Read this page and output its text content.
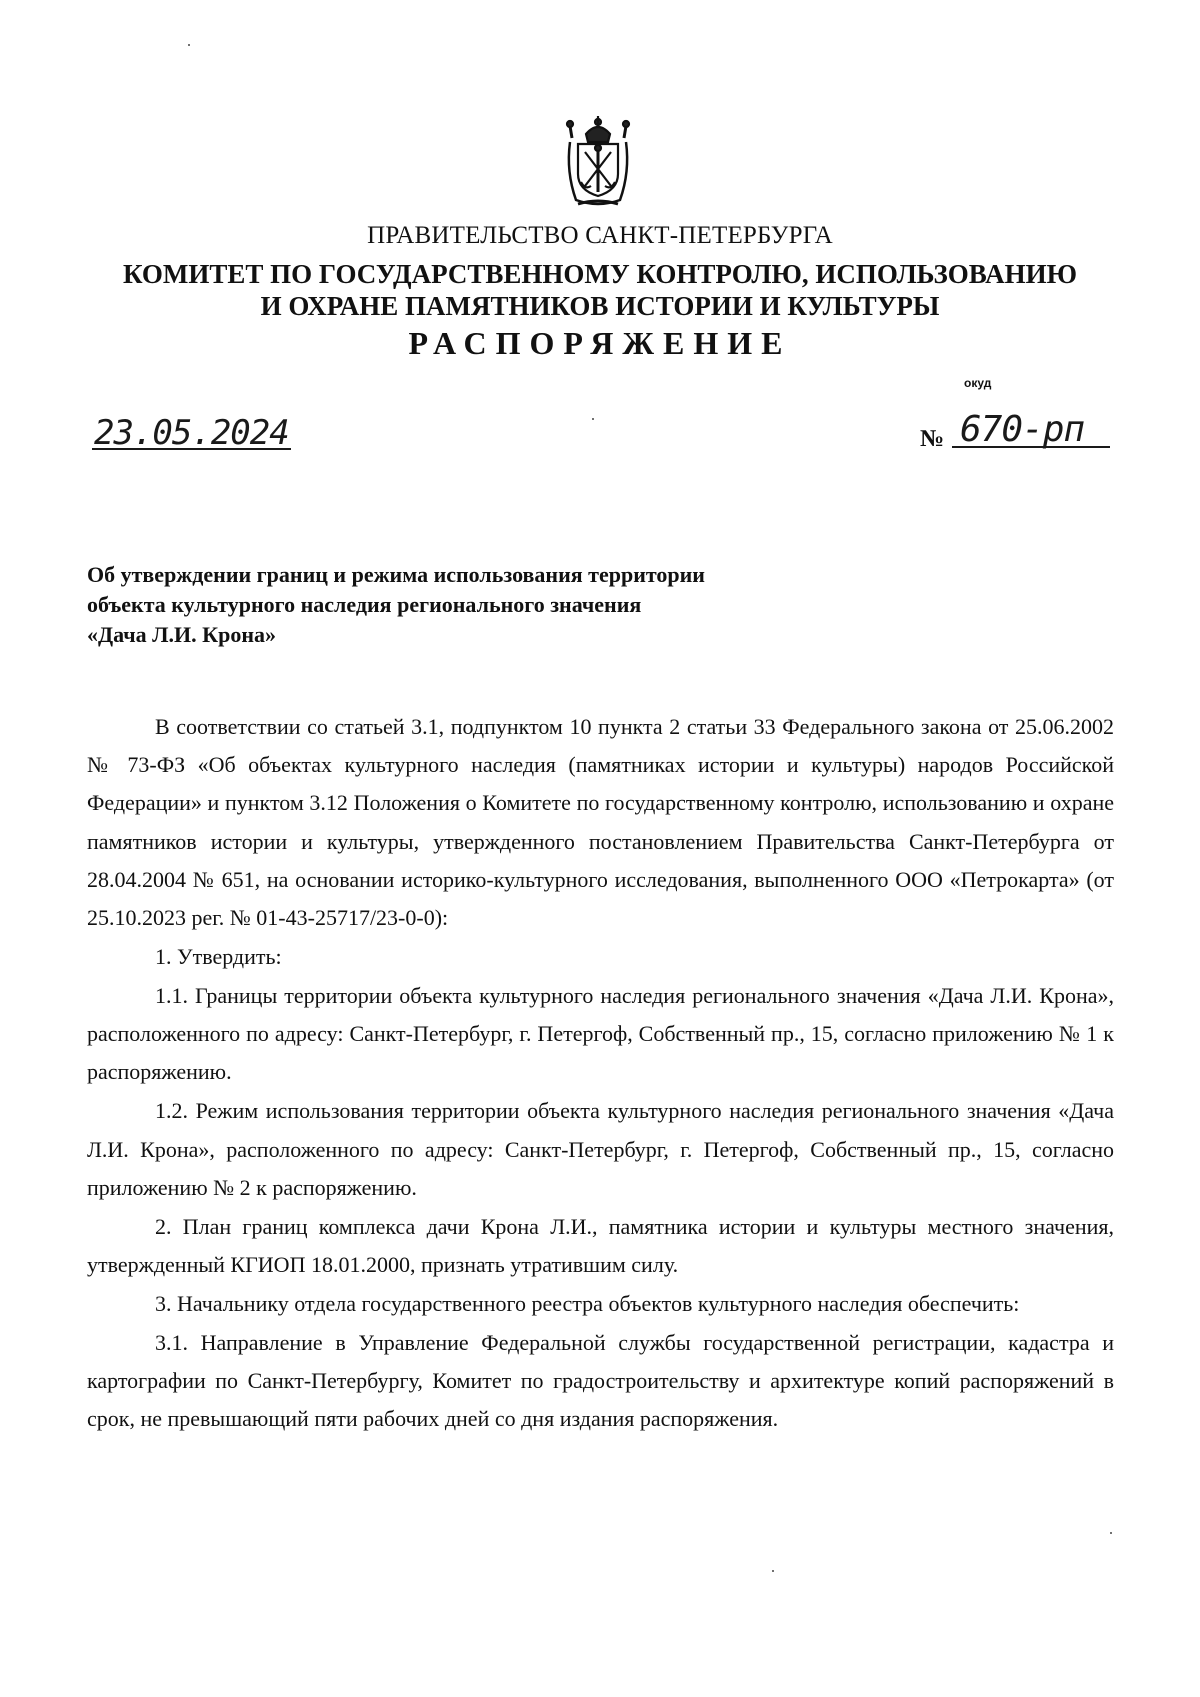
ПРАВИТЕЛЬСТВО САНКТ-ПЕТЕРБУРГА
КОМИТЕТ ПО ГОСУДАРСТВЕННОМУ КОНТРОЛЮ, ИСПОЛЬЗОВАНИЮ
И ОХРАНЕ ПАМЯТНИКОВ ИСТОРИИ И КУЛЬТУРЫ
РАСПОРЯЖЕНИЕ
окуд
23.05.2024	№ 670-рп
Об утверждении границ и режима использования территории
объекта культурного наследия регионального значения
«Дача Л.И. Крона»

В соответствии со статьей 3.1, подпунктом 10 пункта 2 статьи 33 Федерального закона от 25.06.2002 № 73-ФЗ «Об объектах культурного наследия (памятниках истории и культуры) народов Российской Федерации» и пунктом 3.12 Положения о Комитете по государственному контролю, использованию и охране памятников истории и культуры, утвержденного постановлением Правительства Санкт-Петербурга от 28.04.2004 № 651, на основании историко-культурного исследования, выполненного ООО «Петрокарта» (от 25.10.2023 рег. № 01-43-25717/23-0-0):

1. Утвердить:

1.1. Границы территории объекта культурного наследия регионального значения «Дача Л.И. Крона», расположенного по адресу: Санкт-Петербург, г. Петергоф, Собственный пр., 15, согласно приложению № 1 к распоряжению.

1.2. Режим использования территории объекта культурного наследия регионального значения «Дача Л.И. Крона», расположенного по адресу: Санкт-Петербург, г. Петергоф, Собственный пр., 15, согласно приложению № 2 к распоряжению.

2. План границ комплекса дачи Крона Л.И., памятника истории и культуры местного значения, утвержденный КГИОП 18.01.2000, признать утратившим силу.

3. Начальнику отдела государственного реестра объектов культурного наследия обеспечить:

3.1. Направление в Управление Федеральной службы государственной регистрации, кадастра и картографии по Санкт-Петербургу, Комитет по градостроительству и архитектуре копий распоряжений в срок, не превышающий пяти рабочих дней со дня издания распоряжения.
